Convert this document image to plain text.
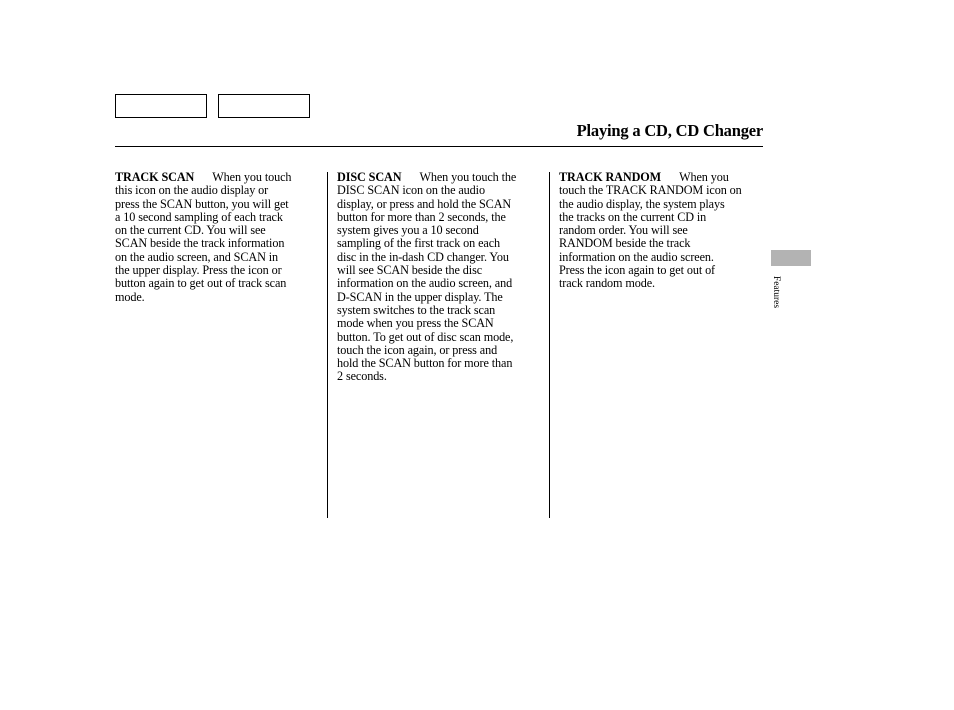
Playing a CD, CD Changer
TRACK SCAN When you touch
this icon on the audio display or
press the SCAN button, you will get
a 10 second sampling of each track
on the current CD. You will see
SCAN beside the track information
on the audio screen, and SCAN in
the upper display. Press the icon or
button again to get out of track scan
mode.
DISC SCAN When you touch the
DISC SCAN icon on the audio
display, or press and hold the SCAN
button for more than 2 seconds, the
system gives you a 10 second
sampling of the first track on each
disc in the in-dash CD changer. You
will see SCAN beside the disc
information on the audio screen, and
D-SCAN in the upper display. The
system switches to the track scan
mode when you press the SCAN
button. To get out of disc scan mode,
touch the icon again, or press and
hold the SCAN button for more than
2 seconds.
TRACK RANDOM When you
touch the TRACK RANDOM icon on
the audio display, the system plays
the tracks on the current CD in
random order. You will see
RANDOM beside the track
information on the audio screen.
Press the icon again to get out of
track random mode.	Features
